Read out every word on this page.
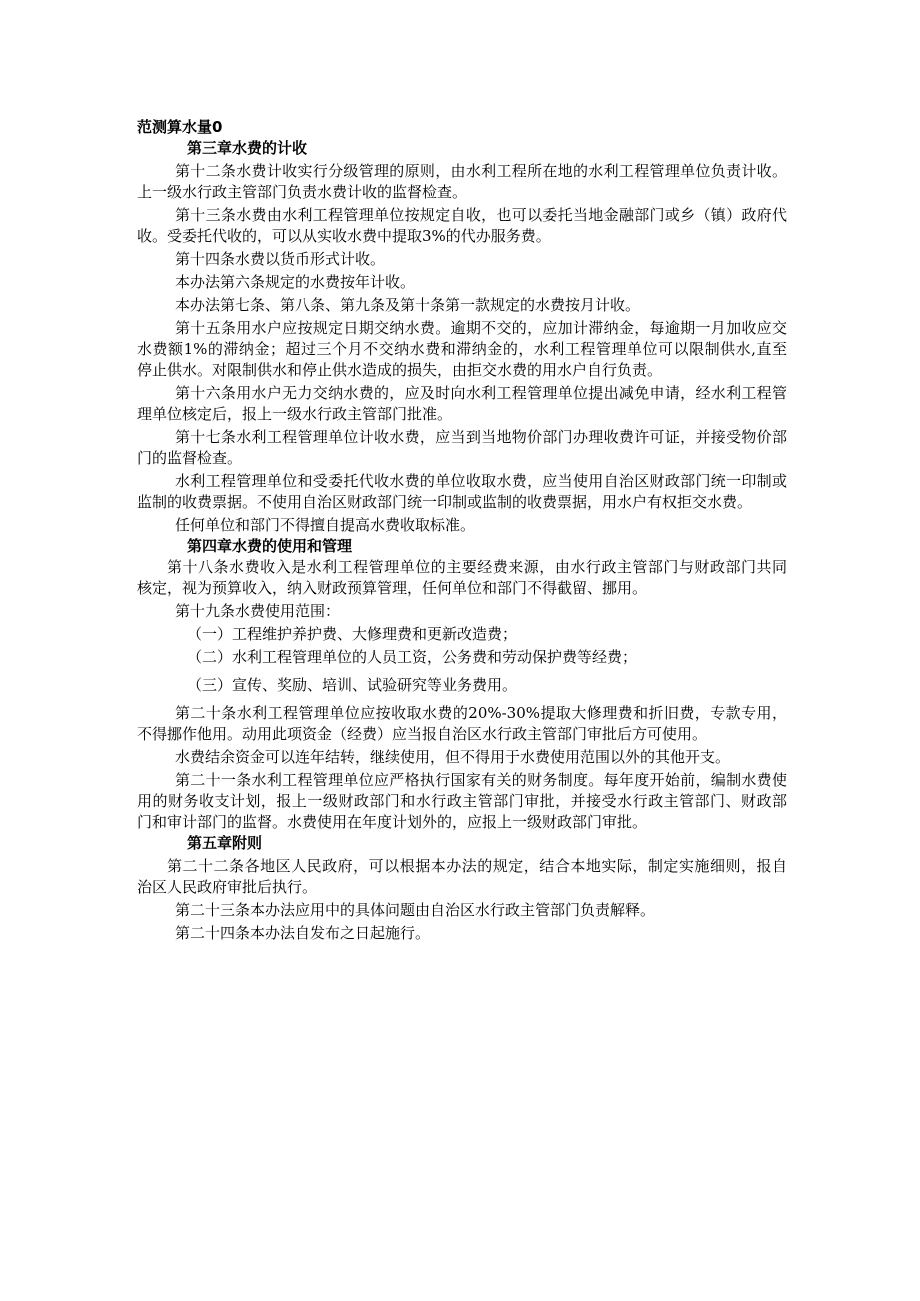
范测算水量0

第三章水费的计收

第十二条水费计收实行分级管理的原则，由水利工程所在地的水利工程管理单位负责计收。

上一级水行政主管部门负责水费计收的监督检查。

第十三条水费由水利工程管理单位按规定自收，也可以委托当地金融部门或乡（镇）政府代

收。受委托代收的，可以从实收水费中提取3%的代办服务费。

第十四条水费以货币形式计收。

本办法第六条规定的水费按年计收。

本办法第七条、第八条、第九条及第十条第一款规定的水费按月计收。

第十五条用水户应按规定日期交纳水费。逾期不交的，应加计滞纳金，每逾期一月加收应交

水费额1%的滞纳金；超过三个月不交纳水费和滞纳金的，水利工程管理单位可以限制供水,直至

停止供水。对限制供水和停止供水造成的损失，由拒交水费的用水户自行负责。

第十六条用水户无力交纳水费的，应及时向水利工程管理单位提出减免申请，经水利工程管

理单位核定后，报上一级水行政主管部门批准。

第十七条水利工程管理单位计收水费，应当到当地物价部门办理收费许可证，并接受物价部

门的监督检查。

水利工程管理单位和受委托代收水费的单位收取水费，应当使用自治区财政部门统一印制或

监制的收费票据。不使用自治区财政部门统一印制或监制的收费票据，用水户有权拒交水费。

任何单位和部门不得擅自提高水费收取标准。

第四章水费的使用和管理

第十八条水费收入是水利工程管理单位的主要经费来源，由水行政主管部门与财政部门共同

核定，视为预算收入，纳入财政预算管理，任何单位和部门不得截留、挪用。

第十九条水费使用范围：

（一）工程维护养护费、大修理费和更新改造费；

（二）水利工程管理单位的人员工资，公务费和劳动保护费等经费；

（三）宣传、奖励、培训、试验研究等业务费用。

第二十条水利工程管理单位应按收取水费的20%-30%提取大修理费和折旧费，专款专用，

不得挪作他用。动用此项资金（经费）应当报自治区水行政主管部门审批后方可使用。

水费结余资金可以连年结转，继续使用，但不得用于水费使用范围以外的其他开支。

第二十一条水利工程管理单位应严格执行国家有关的财务制度。每年度开始前，编制水费使

用的财务收支计划，报上一级财政部门和水行政主管部门审批，并接受水行政主管部门、财政部

门和审计部门的监督。水费使用在年度计划外的，应报上一级财政部门审批。

第五章附则

第二十二条各地区人民政府，可以根据本办法的规定，结合本地实际，制定实施细则，报自

治区人民政府审批后执行。

第二十三条本办法应用中的具体问题由自治区水行政主管部门负责解释。

第二十四条本办法自发布之日起施行。
